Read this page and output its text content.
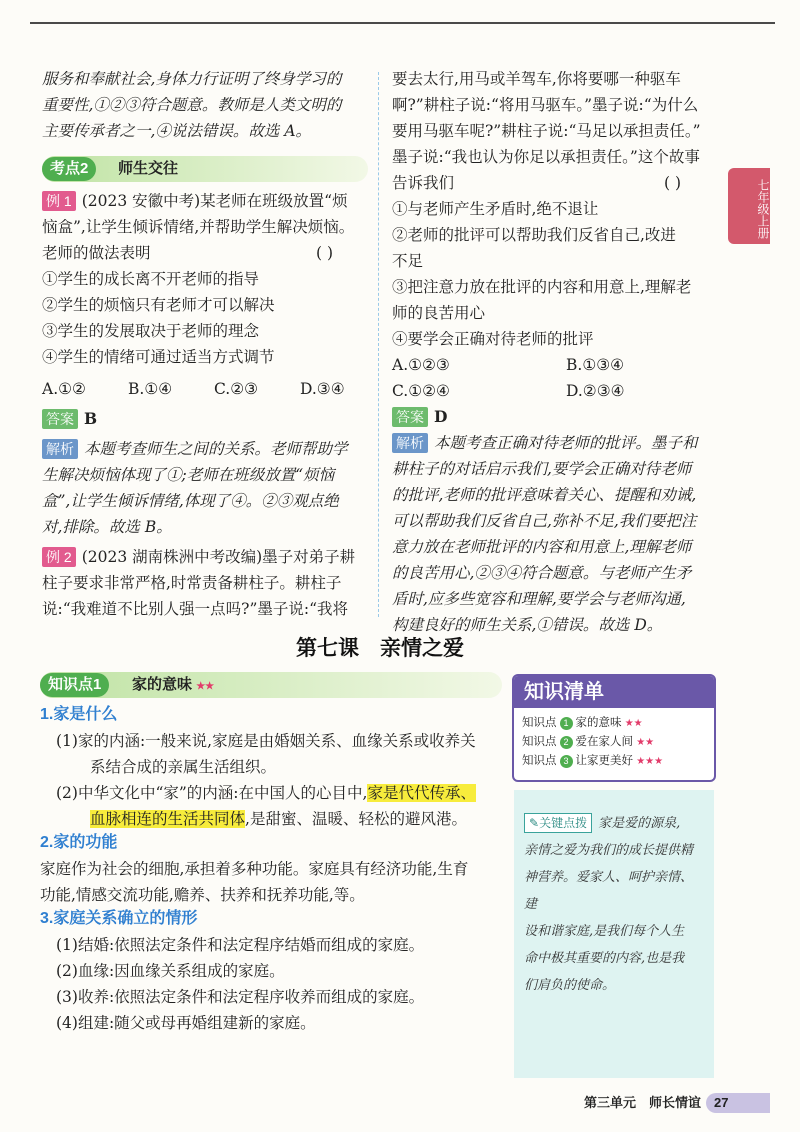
服务和奉献社会,身体力行证明了终身学习的
重要性,①②③符合题意。教师是人类文明的
主要传承者之一,④说法错误。故选 A。
考点2	师生交往
例 1 (2023 安徽中考)某老师在班级放置“烦
恼盒”,让学生倾诉情绪,并帮助学生解决烦恼。
老师的做法表明	( )
①学生的成长离不开老师的指导
②学生的烦恼只有老师才可以解决
③学生的发展取决于老师的理念
④学生的情绪可通过适当方式调节
A.①②	B.①④	C.②③	D.③④
答案 B
解析 本题考查师生之间的关系。老师帮助学
生解决烦恼体现了①;老师在班级放置“烦恼
盒”,让学生倾诉情绪,体现了④。②③观点绝
对,排除。故选 B。
例 2 (2023 湖南株洲中考改编)墨子对弟子耕
柱子要求非常严格,时常责备耕柱子。耕柱子
说:“我难道不比别人强一点吗?”墨子说:“我将
要去太行,用马或羊驾车,你将要哪一种驱车
啊?”耕柱子说:“将用马驱车。”墨子说:“为什么
要用马驱车呢?”耕柱子说:“马足以承担责任。”
墨子说:“我也认为你足以承担责任。”这个故事
告诉我们	( )
①与老师产生矛盾时,绝不退让
②老师的批评可以帮助我们反省自己,改进
不足
③把注意力放在批评的内容和用意上,理解老
师的良苦用心
④要学会正确对待老师的批评
A.①②③	B.①③④
C.①②④	D.②③④
答案 D
解析 本题考查正确对待老师的批评。墨子和
耕柱子的对话启示我们,要学会正确对待老师
的批评,老师的批评意味着关心、提醒和劝诫,
可以帮助我们反省自己,弥补不足,我们要把注
意力放在老师批评的内容和用意上,理解老师
的良苦用心,②③④符合题意。与老师产生矛
盾时,应多些宽容和理解,要学会与老师沟通,
构建良好的师生关系,①错误。故选 D。
七年级上册
第七课　亲情之爱
知识点1	家的意味 ★★
1.家是什么
(1)家的内涵:一般来说,家庭是由婚姻关系、血缘关系或收养关
系结合成的亲属生活组织。
(2)中华文化中“家”的内涵:在中国人的心目中,家是代代传承、
血脉相连的生活共同体,是甜蜜、温暖、轻松的避风港。
2.家的功能
家庭作为社会的细胞,承担着多种功能。家庭具有经济功能,生育
功能,情感交流功能,赡养、扶养和抚养功能,等。
3.家庭关系确立的情形
(1)结婚:依照法定条件和法定程序结婚而组成的家庭。
(2)血缘:因血缘关系组成的家庭。
(3)收养:依照法定条件和法定程序收养而组成的家庭。
(4)组建:随父或母再婚组建新的家庭。
知识清单
知识点 1 家的意味 ★★
知识点 2 爱在家人间 ★★
知识点 3 让家更美好 ★★★
✎关键点拨 家是爱的源泉,
亲情之爱为我们的成长提供精
神营养。爱家人、呵护亲情、建
设和谐家庭,是我们每个人生
命中极其重要的内容,也是我
们肩负的使命。
第三单元　师长情谊 27
